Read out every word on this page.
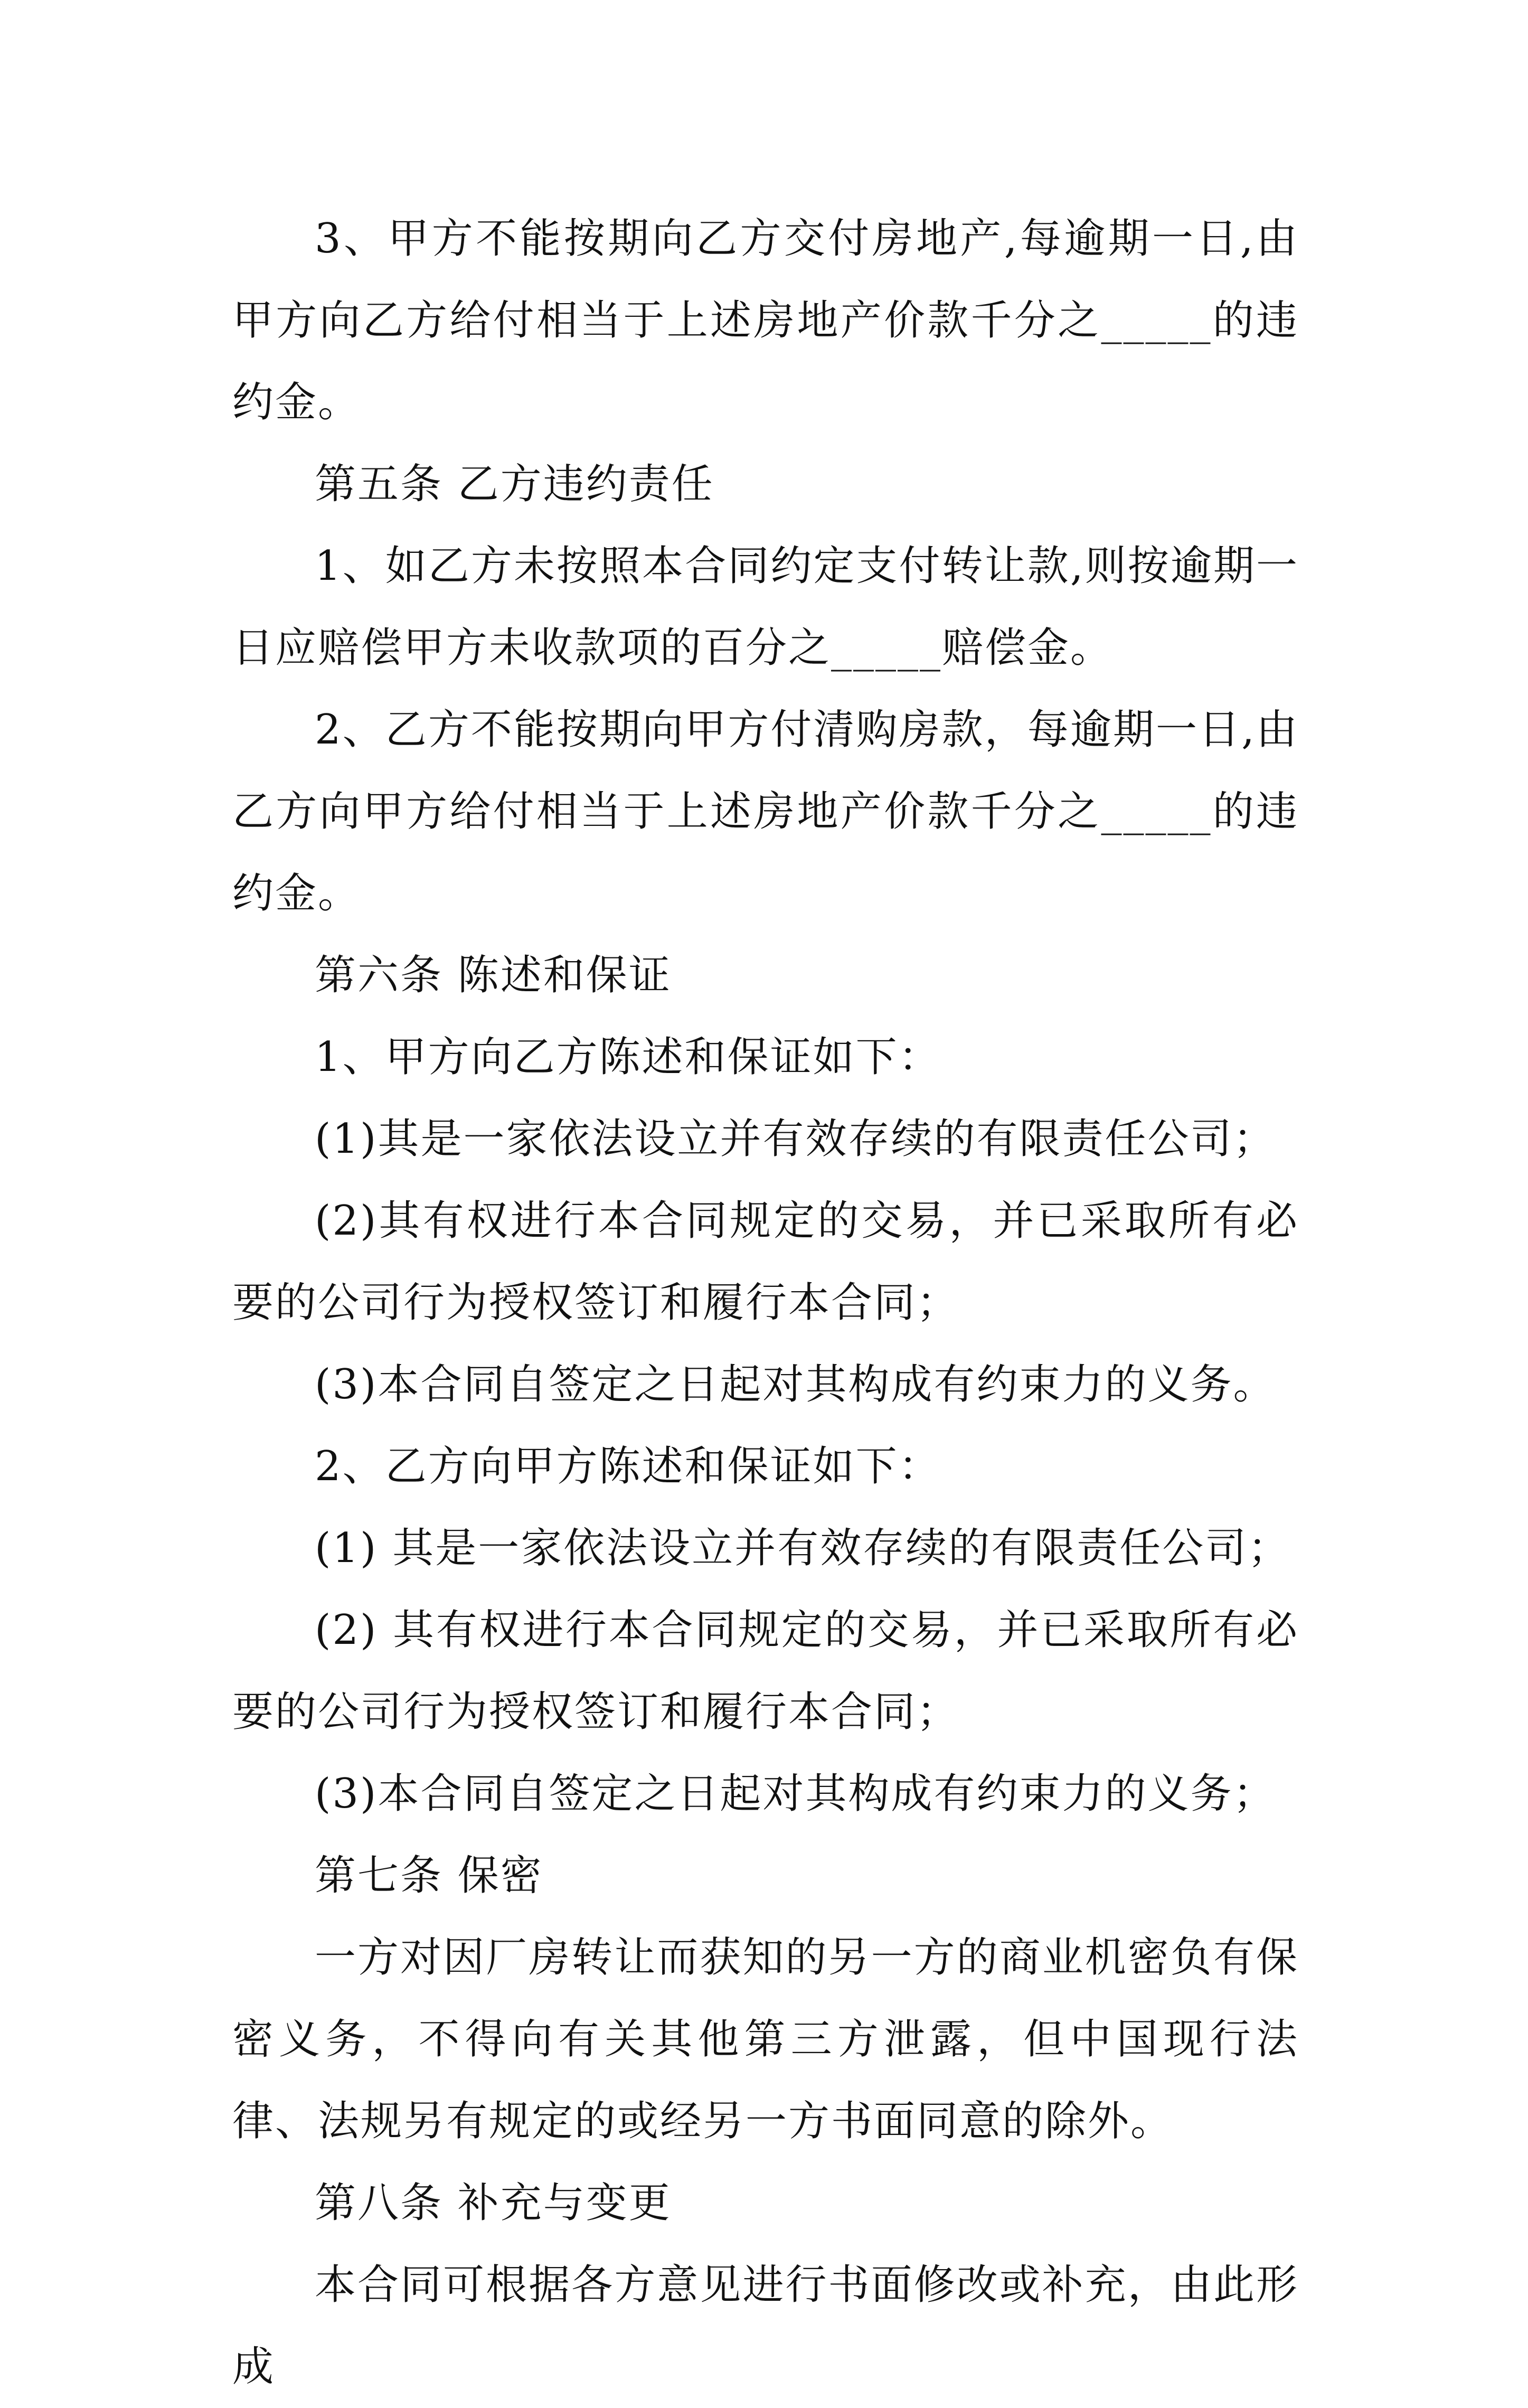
3、甲方不能按期向乙方交付房地产,每逾期一日,由甲方向乙方给付相当于上述房地产价款千分之_____的违约金。

第五条 乙方违约责任

1、如乙方未按照本合同约定支付转让款,则按逾期一日应赔偿甲方未收款项的百分之_____赔偿金。

2、乙方不能按期向甲方付清购房款，每逾期一日,由乙方向甲方给付相当于上述房地产价款千分之_____的违约金。

第六条 陈述和保证

1、甲方向乙方陈述和保证如下：

(1)其是一家依法设立并有效存续的有限责任公司；

(2)其有权进行本合同规定的交易，并已采取所有必要的公司行为授权签订和履行本合同；

(3)本合同自签定之日起对其构成有约束力的义务。

2、乙方向甲方陈述和保证如下：

(1) 其是一家依法设立并有效存续的有限责任公司；

(2) 其有权进行本合同规定的交易，并已采取所有必要的公司行为授权签订和履行本合同；

(3)本合同自签定之日起对其构成有约束力的义务；

第七条 保密

一方对因厂房转让而获知的另一方的商业机密负有保密义务，不得向有关其他第三方泄露，但中国现行法律、法规另有规定的或经另一方书面同意的除外。

第八条 补充与变更

本合同可根据各方意见进行书面修改或补充，由此形成
